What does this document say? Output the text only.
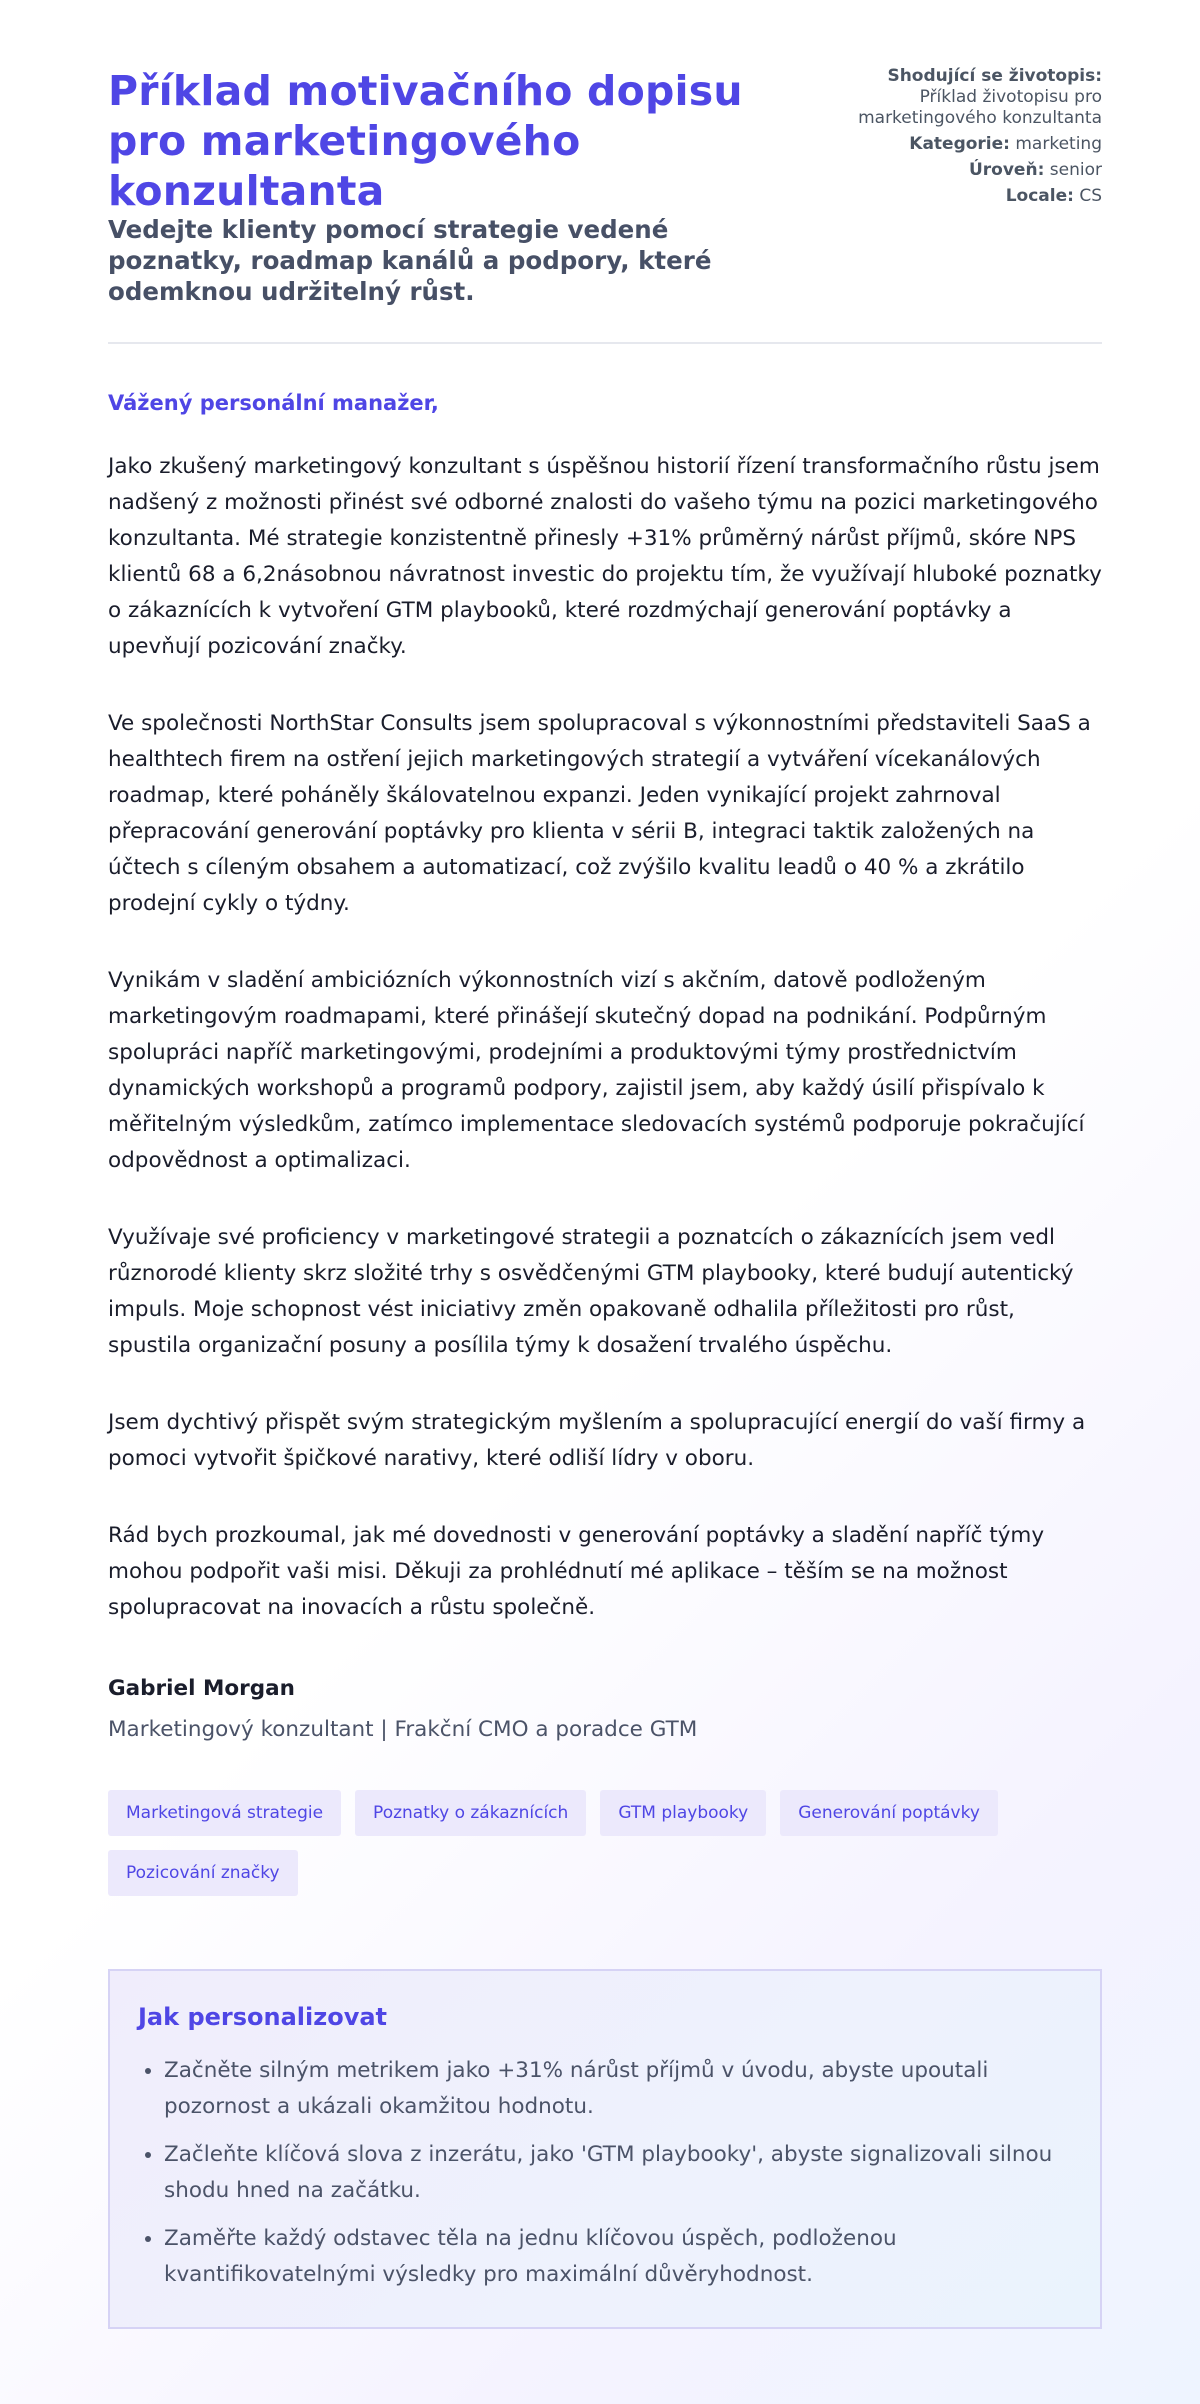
Příklad motivačního dopisu pro marketingového konzultanta

Vedejte klienty pomocí strategie vedené poznatky, roadmap kanálů a podpory, které odemknou udržitelný růst.

Shodující se životopis:
Příklad životopisu pro marketingového konzultanta
Kategorie: marketing
Úroveň: senior
Locale: CS
Vážený personální manažer,

Jako zkušený marketingový konzultant s úspěšnou historií řízení transformačního růstu jsem nadšený z možnosti přinést své odborné znalosti do vašeho týmu na pozici marketingového konzultanta. Mé strategie konzistentně přinesly +31% průměrný nárůst příjmů, skóre NPS klientů 68 a 6,2násobnou návratnost investic do projektu tím, že využívají hluboké poznatky o zákaznících k vytvoření GTM playbooků, které rozdmýchají generování poptávky a upevňují pozicování značky.

Ve společnosti NorthStar Consults jsem spolupracoval s výkonnostními představiteli SaaS a healthtech firem na ostření jejich marketingových strategií a vytváření vícekanálových roadmap, které poháněly škálovatelnou expanzi. Jeden vynikající projekt zahrnoval přepracování generování poptávky pro klienta v sérii B, integraci taktik založených na účtech s cíleným obsahem a automatizací, což zvýšilo kvalitu leadů o 40 % a zkrátilo prodejní cykly o týdny.

Vynikám v sladění ambiciózních výkonnostních vizí s akčním, datově podloženým marketingovým roadmapami, které přinášejí skutečný dopad na podnikání. Podpůrným spolupráci napříč marketingovými, prodejními a produktovými týmy prostřednictvím dynamických workshopů a programů podpory, zajistil jsem, aby každý úsilí přispívalo k měřitelným výsledkům, zatímco implementace sledovacích systémů podporuje pokračující odpovědnost a optimalizaci.

Využívaje své proficiency v marketingové strategii a poznatcích o zákaznících jsem vedl různorodé klienty skrz složité trhy s osvědčenými GTM playbooky, které budují autentický impuls. Moje schopnost vést iniciativy změn opakovaně odhalila příležitosti pro růst, spustila organizační posuny a posílila týmy k dosažení trvalého úspěchu.

Jsem dychtivý přispět svým strategickým myšlením a spolupracující energií do vaší firmy a pomoci vytvořit špičkové narativy, které odliší lídry v oboru.

Rád bych prozkoumal, jak mé dovednosti v generování poptávky a sladění napříč týmy mohou podpořit vaši misi. Děkuji za prohlédnutí mé aplikace – těším se na možnost spolupracovat na inovacích a růstu společně.

Gabriel Morgan
Marketingový konzultant | Frakční CMO a poradce GTM
Marketingová strategie	Poznatky o zákaznících	GTM playbooky	Generování poptávky
Pozicování značky
Jak personalizovat
• Začněte silným metrikem jako +31% nárůst příjmů v úvodu, abyste upoutali pozornost a ukázali okamžitou hodnotu.
• Začleňte klíčová slova z inzerátu, jako 'GTM playbooky', abyste signalizovali silnou shodu hned na začátku.
• Zaměřte každý odstavec těla na jednu klíčovou úspěch, podloženou kvantifikovatelnými výsledky pro maximální důvěryhodnost.
